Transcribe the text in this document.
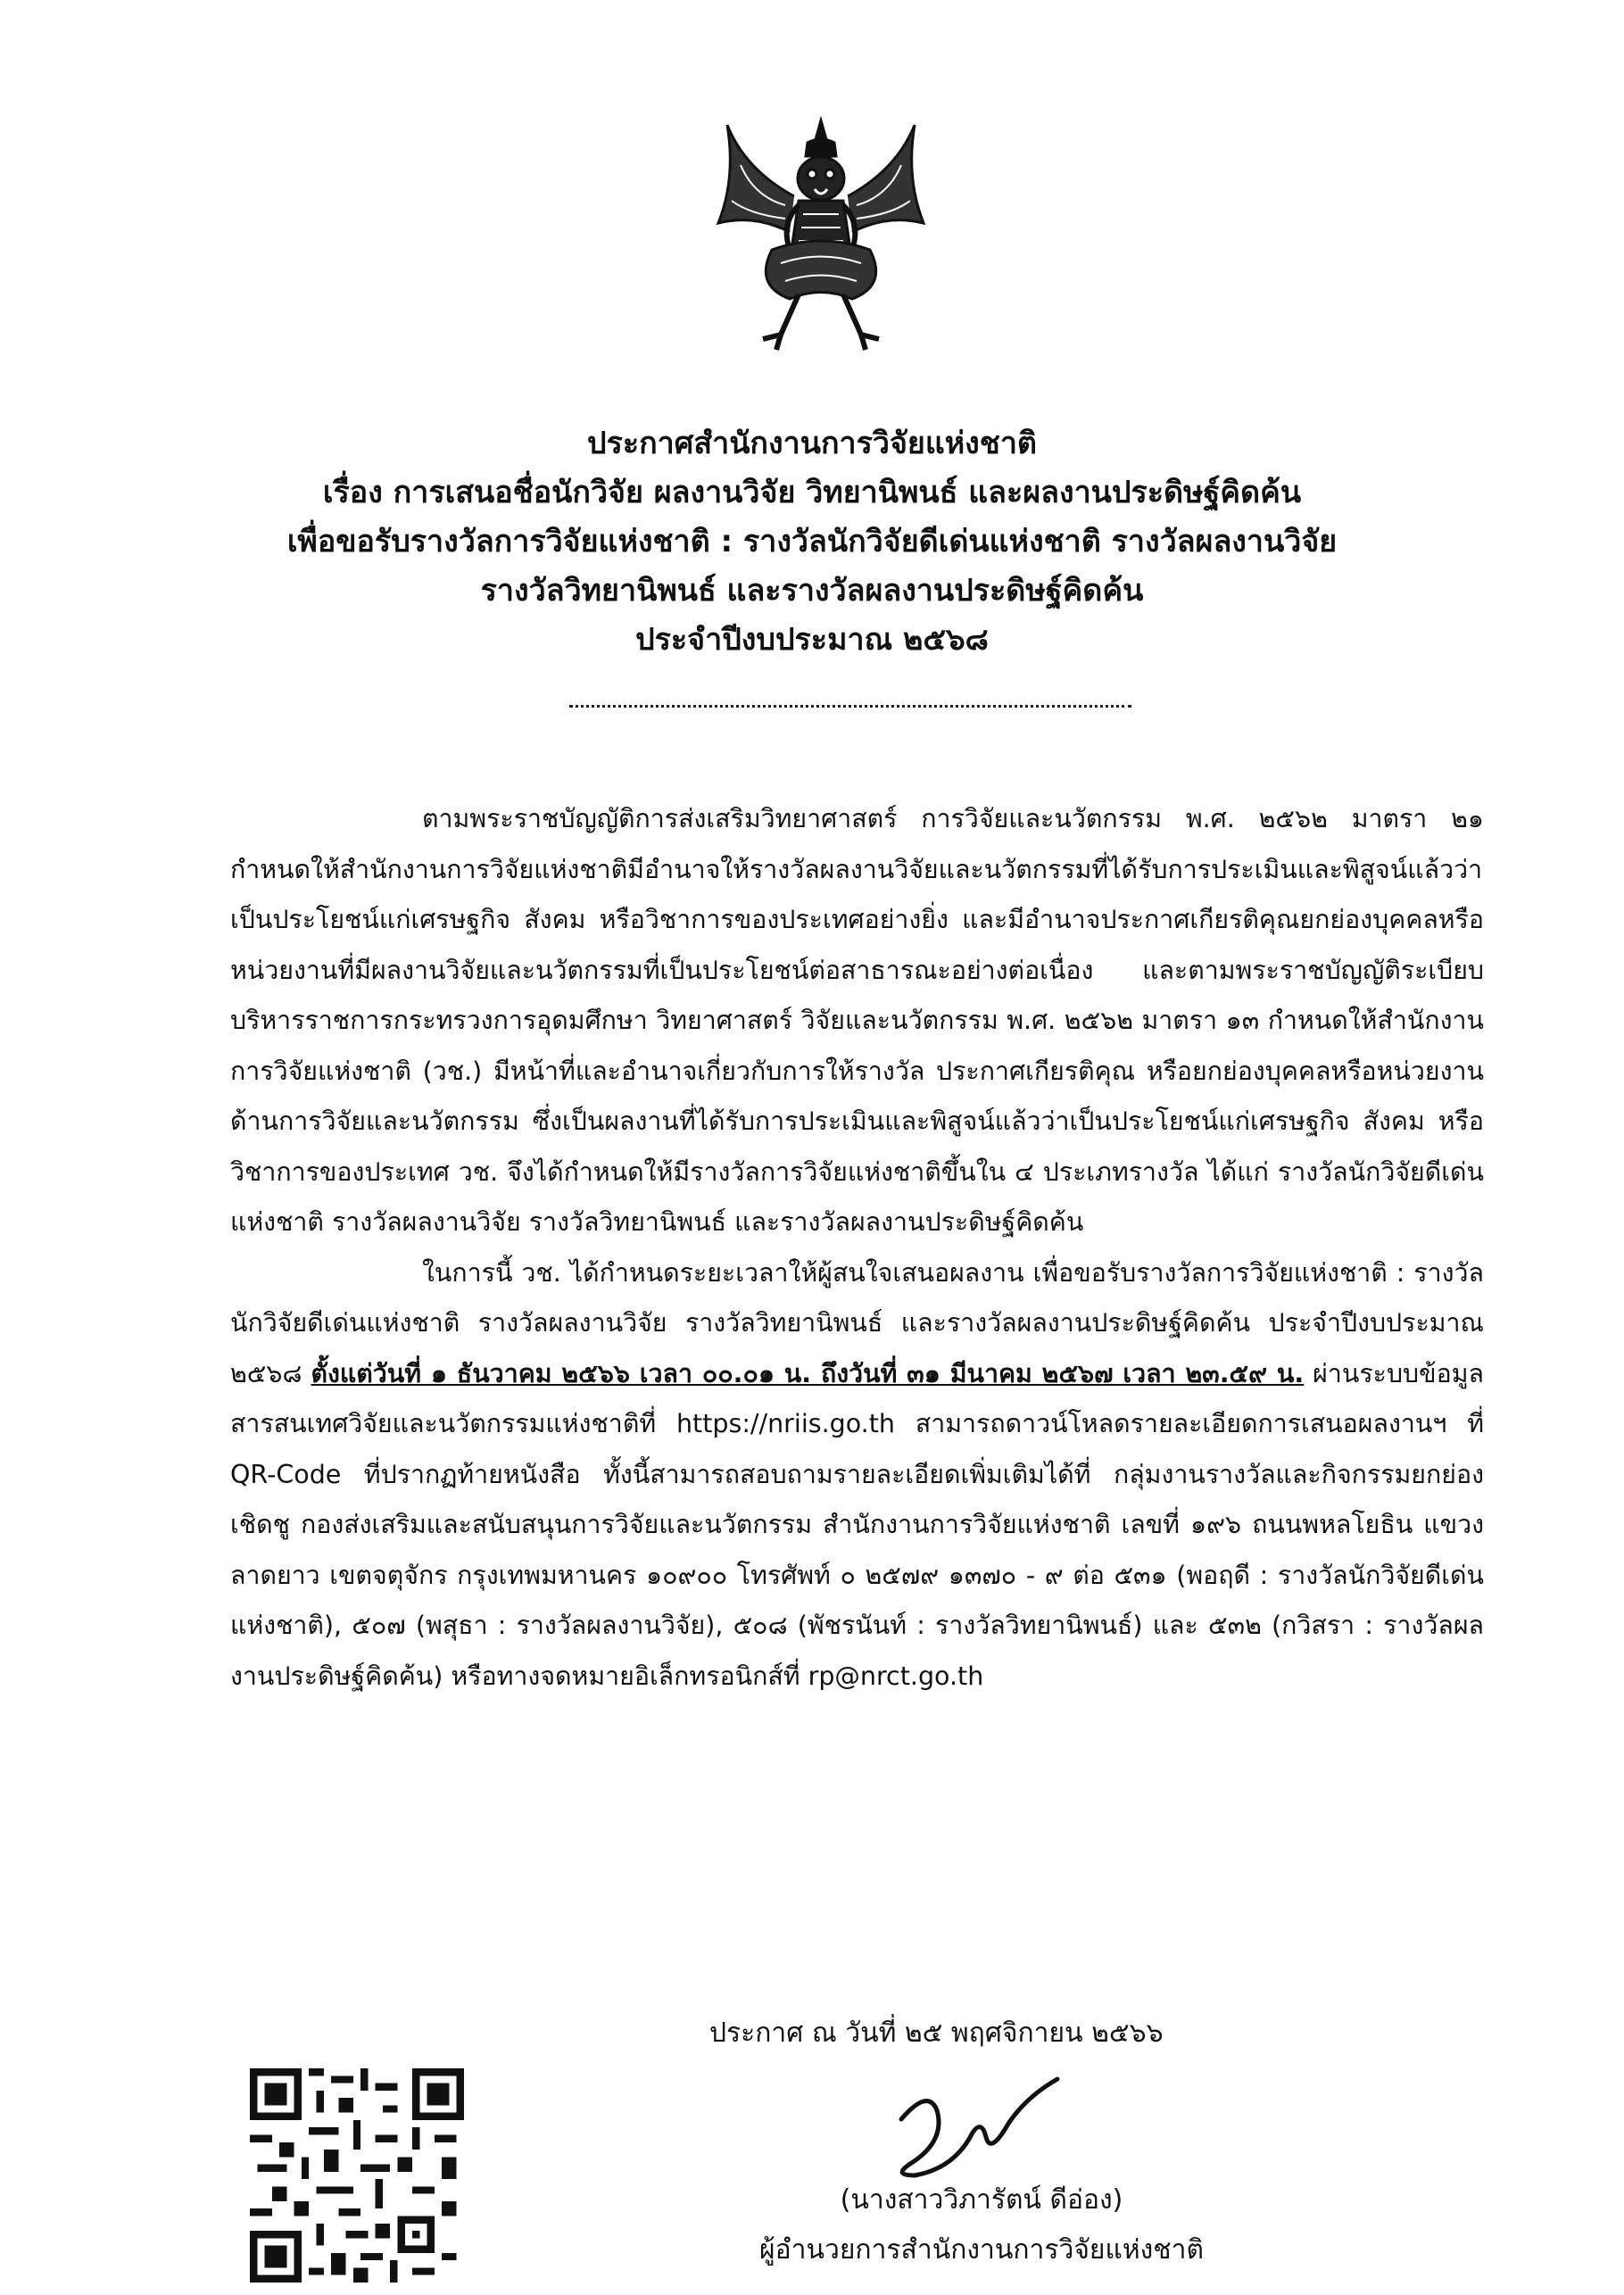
ประกาศสำนักงานการวิจัยแห่งชาติ
เรื่อง การเสนอชื่อนักวิจัย ผลงานวิจัย วิทยานิพนธ์ และผลงานประดิษฐ์คิดค้น
เพื่อขอรับรางวัลการวิจัยแห่งชาติ : รางวัลนักวิจัยดีเด่นแห่งชาติ รางวัลผลงานวิจัย
รางวัลวิทยานิพนธ์ และรางวัลผลงานประดิษฐ์คิดค้น
ประจำปีงบประมาณ ๒๕๖๘

ตามพระราชบัญญัติการส่งเสริมวิทยาศาสตร์ การวิจัยและนวัตกรรม พ.ศ. ๒๕๖๒ มาตรา ๒๑ กำหนดให้สำนักงานการวิจัยแห่งชาติมีอำนาจให้รางวัลผลงานวิจัยและนวัตกรรมที่ได้รับการประเมินและพิสูจน์แล้วว่าเป็นประโยชน์แก่เศรษฐกิจ สังคม หรือวิชาการของประเทศอย่างยิ่ง และมีอำนาจประกาศเกียรติคุณยกย่องบุคคลหรือหน่วยงานที่มีผลงานวิจัยและนวัตกรรมที่เป็นประโยชน์ต่อสาธารณะอย่างต่อเนื่อง และตามพระราชบัญญัติระเบียบบริหารราชการกระทรวงการอุดมศึกษา วิทยาศาสตร์ วิจัยและนวัตกรรม พ.ศ. ๒๕๖๒ มาตรา ๑๓ กำหนดให้สำนักงานการวิจัยแห่งชาติ (วช.) มีหน้าที่และอำนาจเกี่ยวกับการให้รางวัล ประกาศเกียรติคุณ หรือยกย่องบุคคลหรือหน่วยงานด้านการวิจัยและนวัตกรรม ซึ่งเป็นผลงานที่ได้รับการประเมินและพิสูจน์แล้วว่าเป็นประโยชน์แก่เศรษฐกิจ สังคม หรือวิชาการของประเทศ วช. จึงได้กำหนดให้มีรางวัลการวิจัยแห่งชาติขึ้นใน ๔ ประเภทรางวัล ได้แก่ รางวัลนักวิจัยดีเด่นแห่งชาติ รางวัลผลงานวิจัย รางวัลวิทยานิพนธ์ และรางวัลผลงานประดิษฐ์คิดค้น

ในการนี้ วช. ได้กำหนดระยะเวลาให้ผู้สนใจเสนอผลงาน เพื่อขอรับรางวัลการวิจัยแห่งชาติ : รางวัลนักวิจัยดีเด่นแห่งชาติ รางวัลผลงานวิจัย รางวัลวิทยานิพนธ์ และรางวัลผลงานประดิษฐ์คิดค้น ประจำปีงบประมาณ ๒๕๖๘ ตั้งแต่วันที่ ๑ ธันวาคม ๒๕๖๖ เวลา ๐๐.๐๑ น. ถึงวันที่ ๓๑ มีนาคม ๒๕๖๗ เวลา ๒๓.๕๙ น. ผ่านระบบข้อมูลสารสนเทศวิจัยและนวัตกรรมแห่งชาติที่ https://nriis.go.th สามารถดาวน์โหลดรายละเอียดการเสนอผลงานฯ ที่ QR-Code ที่ปรากฏท้ายหนังสือ ทั้งนี้สามารถสอบถามรายละเอียดเพิ่มเติมได้ที่ กลุ่มงานรางวัลและกิจกรรมยกย่องเชิดชู กองส่งเสริมและสนับสนุนการวิจัยและนวัตกรรม สำนักงานการวิจัยแห่งชาติ เลขที่ ๑๙๖ ถนนพหลโยธิน แขวงลาดยาว เขตจตุจักร กรุงเทพมหานคร ๑๐๙๐๐ โทรศัพท์ ๐ ๒๕๗๙ ๑๓๗๐ - ๙ ต่อ ๕๓๑ (พอฤดี : รางวัลนักวิจัยดีเด่นแห่งชาติ), ๕๐๗ (พสุธา : รางวัลผลงานวิจัย), ๕๐๘ (พัชรนันท์ : รางวัลวิทยานิพนธ์) และ ๕๓๒ (กวิสรา : รางวัลผลงานประดิษฐ์คิดค้น) หรือทางจดหมายอิเล็กทรอนิกส์ที่ rp@nrct.go.th

ประกาศ ณ วันที่ ๒๕ พฤศจิกายน ๒๕๖๖
(นางสาววิภารัตน์ ดีอ่อง)
ผู้อำนวยการสำนักงานการวิจัยแห่งชาติ
